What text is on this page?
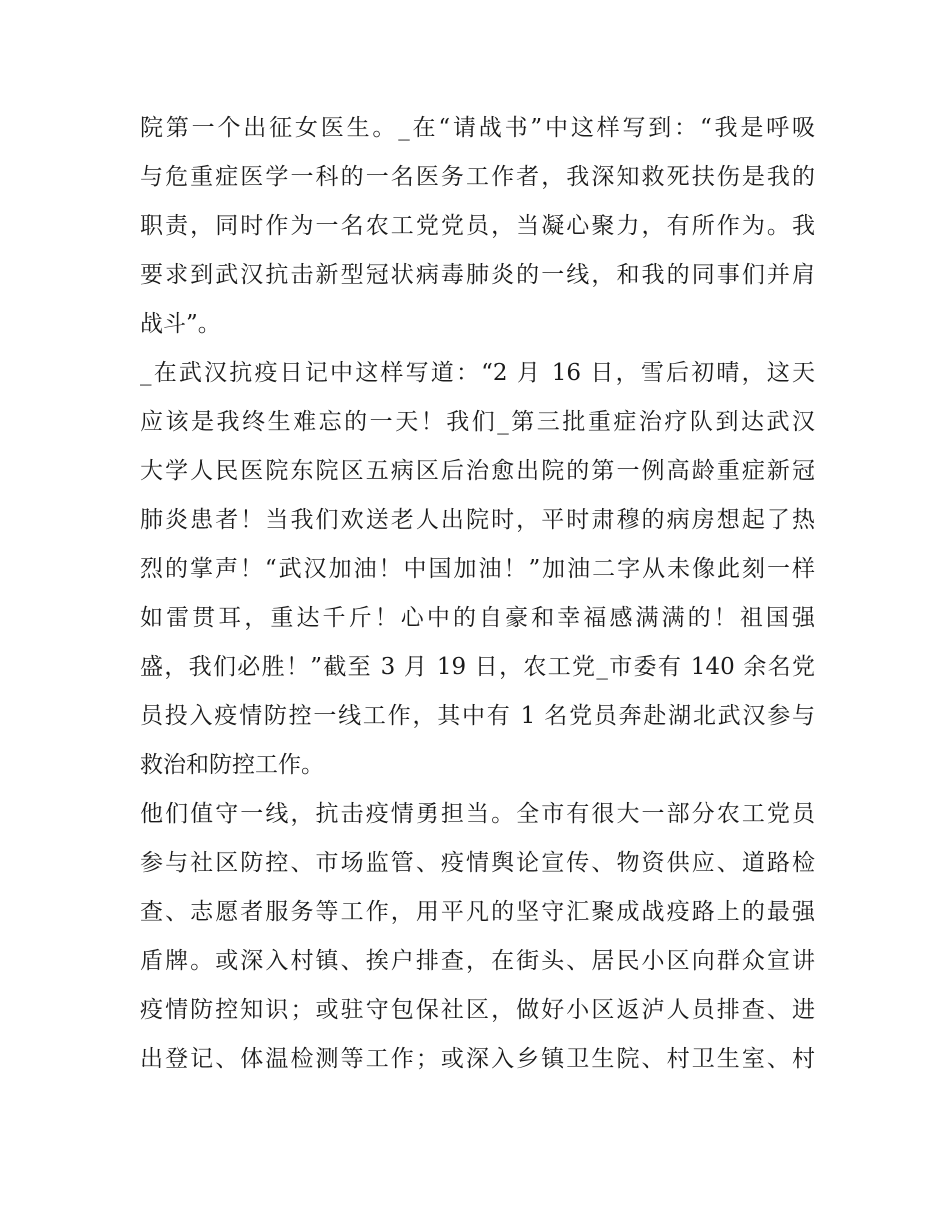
院第一个出征女医生。_在“请战书”中这样写到：“我是呼吸
与危重症医学一科的一名医务工作者，我深知救死扶伤是我的
职责，同时作为一名农工党党员，当凝心聚力，有所作为。我
要求到武汉抗击新型冠状病毒肺炎的一线，和我的同事们并肩
战斗”。
_在武汉抗疫日记中这样写道：“2 月 16 日，雪后初晴，这天
应该是我终生难忘的一天！我们_第三批重症治疗队到达武汉
大学人民医院东院区五病区后治愈出院的第一例高龄重症新冠
肺炎患者！当我们欢送老人出院时，平时肃穆的病房想起了热
烈的掌声！“武汉加油！中国加油！”加油二字从未像此刻一样
如雷贯耳，重达千斤！心中的自豪和幸福感满满的！祖国强
盛，我们必胜！”截至 3 月 19 日，农工党_市委有 140 余名党
员投入疫情防控一线工作，其中有 1 名党员奔赴湖北武汉参与
救治和防控工作。
他们值守一线，抗击疫情勇担当。全市有很大一部分农工党员
参与社区防控、市场监管、疫情舆论宣传、物资供应、道路检
查、志愿者服务等工作，用平凡的坚守汇聚成战疫路上的最强
盾牌。或深入村镇、挨户排查，在街头、居民小区向群众宣讲
疫情防控知识；或驻守包保社区，做好小区返泸人员排查、进
出登记、体温检测等工作；或深入乡镇卫生院、村卫生室、村
